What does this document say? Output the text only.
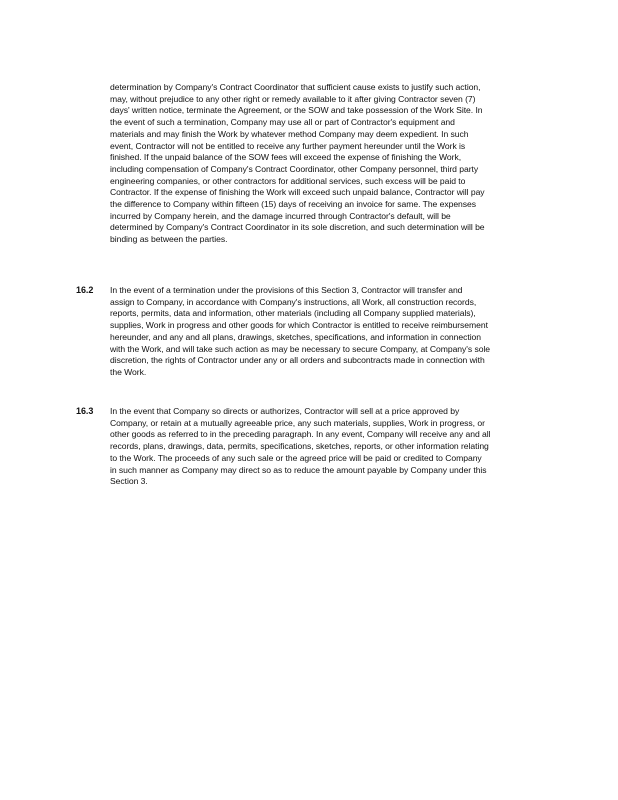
determination by Company's Contract Coordinator that sufficient cause exists to justify such action,
may, without prejudice to any other right or remedy available to it after giving Contractor seven (7)
days' written notice, terminate the Agreement, or the SOW and take possession of the Work Site. In
the event of such a termination, Company may use all or part of Contractor's equipment and
materials and may finish the Work by whatever method Company may deem expedient. In such
event, Contractor will not be entitled to receive any further payment hereunder until the Work is
finished. If the unpaid balance of the SOW fees will exceed the expense of finishing the Work,
including compensation of Company's Contract Coordinator, other Company personnel, third party
engineering companies, or other contractors for additional services, such excess will be paid to
Contractor. If the expense of finishing the Work will exceed such unpaid balance, Contractor will pay
the difference to Company within fifteen (15) days of receiving an invoice for same. The expenses
incurred by Company herein, and the damage incurred through Contractor's default, will be
determined by Company's Contract Coordinator in its sole discretion, and such determination will be
binding as between the parties.
16.2 In the event of a termination under the provisions of this Section 3, Contractor will transfer and
assign to Company, in accordance with Company's instructions, all Work, all construction records,
reports, permits, data and information, other materials (including all Company supplied materials),
supplies, Work in progress and other goods for which Contractor is entitled to receive reimbursement
hereunder, and any and all plans, drawings, sketches, specifications, and information in connection
with the Work, and will take such action as may be necessary to secure Company, at Company's sole
discretion, the rights of Contractor under any or all orders and subcontracts made in connection with
the Work.
16.3 In the event that Company so directs or authorizes, Contractor will sell at a price approved by
Company, or retain at a mutually agreeable price, any such materials, supplies, Work in progress, or
other goods as referred to in the preceding paragraph. In any event, Company will receive any and all
records, plans, drawings, data, permits, specifications, sketches, reports, or other information relating
to the Work. The proceeds of any such sale or the agreed price will be paid or credited to Company
in such manner as Company may direct so as to reduce the amount payable by Company under this
Section 3.
